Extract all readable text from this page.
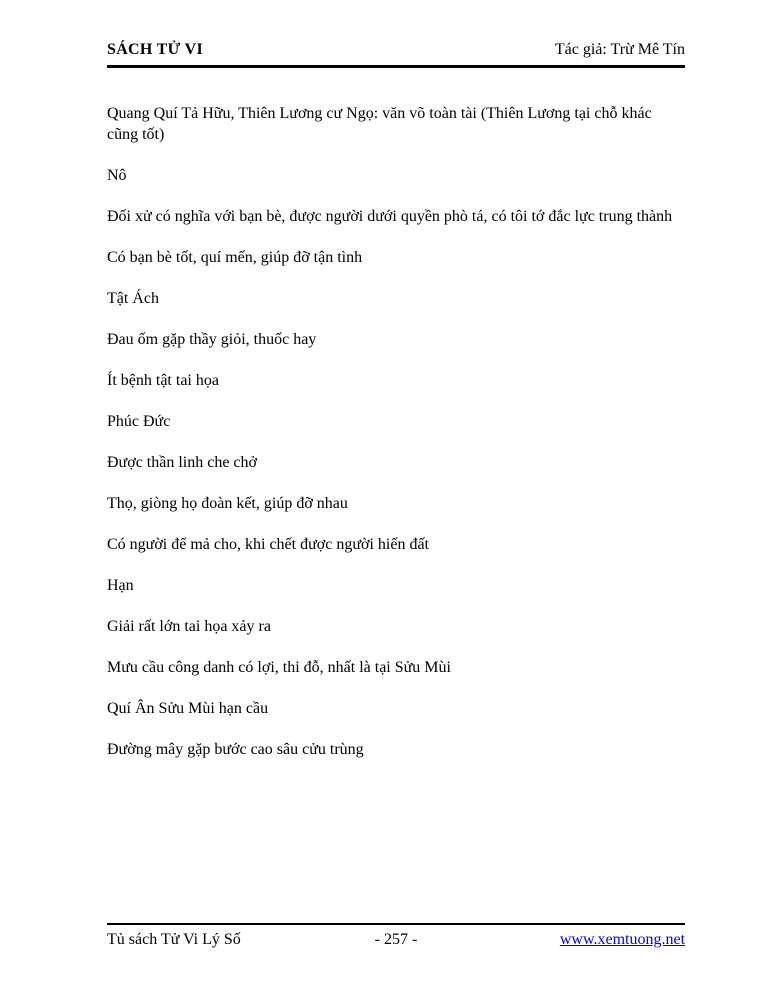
SÁCH TỬ VI	Tác giả: Trừ Mê Tín

Quang Quí Tả Hữu, Thiên Lương cư Ngọ: văn võ toàn tài (Thiên Lương tại chỗ khác cũng tốt)

Nô

Đối xử có nghĩa với bạn bè, được người dưới quyền phò tá, có tôi tớ đắc lực trung thành

Có bạn bè tốt, quí mến, giúp đỡ tận tình

Tật Ách

Đau ốm gặp thầy giỏi, thuốc hay

Ít bệnh tật tai họa

Phúc Đức

Được thần linh che chở

Thọ, giòng họ đoàn kết, giúp đỡ nhau

Có người để mả cho, khi chết được người hiến đất

Hạn

Giải rất lớn tai họa xảy ra

Mưu cầu công danh có lợi, thi đỗ, nhất là tại Sửu Mùi

Quí Ân Sửu Mùi hạn cầu

Đường mây gặp bước cao sâu cửu trùng

Tủ sách Tử Vi Lý Số	- 257 -	www.xemtuong.net
